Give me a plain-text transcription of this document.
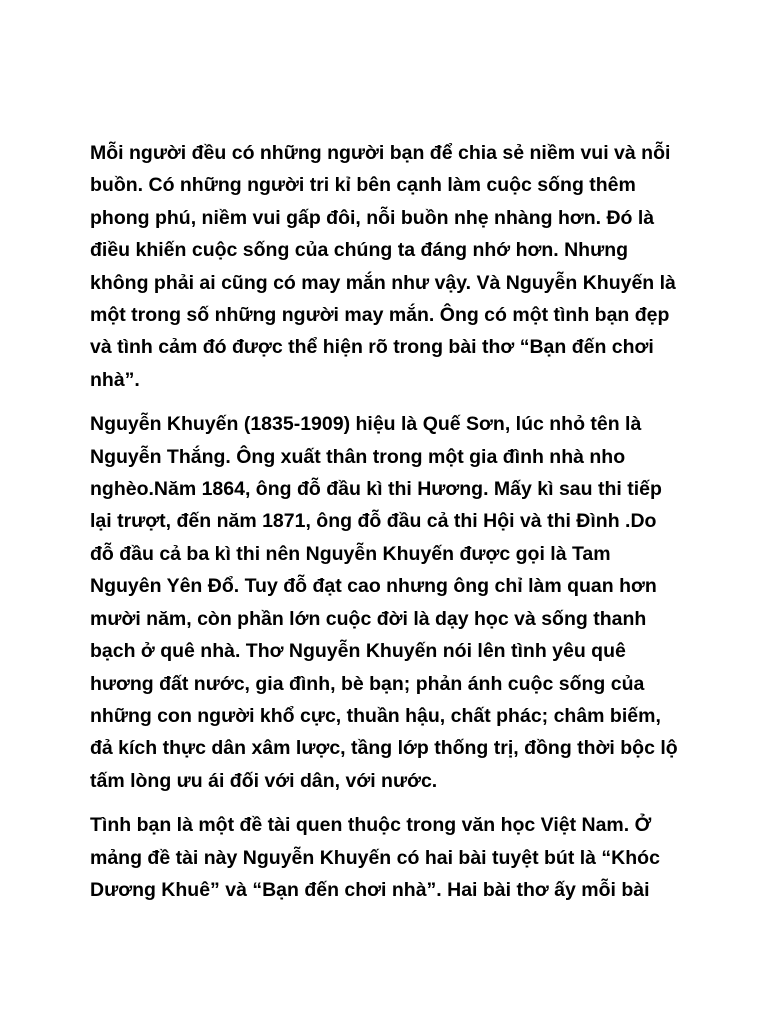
Mỗi người đều có những người bạn để chia sẻ niềm vui và nỗi buồn. Có những người tri kỉ bên cạnh làm cuộc sống thêm phong phú, niềm vui gấp đôi, nỗi buồn nhẹ nhàng hơn. Đó là điều khiến cuộc sống của chúng ta đáng nhớ hơn. Nhưng không phải ai cũng có may mắn như vậy. Và Nguyễn Khuyến là một trong số những người may mắn. Ông có một tình bạn đẹp và tình cảm đó được thể hiện rõ trong bài thơ “Bạn đến chơi nhà”.

Nguyễn Khuyến (1835-1909) hiệu là Quế Sơn, lúc nhỏ tên là Nguyễn Thắng. Ông xuất thân trong một gia đình nhà nho nghèo.Năm 1864, ông đỗ đầu kì thi Hương. Mấy kì sau thi tiếp lại trượt, đến năm 1871, ông đỗ đầu cả thi Hội và thi Đình .Do đỗ đầu cả ba kì thi nên Nguyễn Khuyến được gọi là Tam Nguyên Yên Đổ. Tuy đỗ đạt cao nhưng ông chỉ làm quan hơn mười năm, còn phần lớn cuộc đời là dạy học và sống thanh bạch ở quê nhà. Thơ Nguyễn Khuyến nói lên tình yêu quê hương đất nước, gia đình, bè bạn; phản ánh cuộc sống của những con người khổ cực, thuần hậu, chất phác; châm biếm, đả kích thực dân xâm lược, tầng lớp thống trị, đồng thời bộc lộ tấm lòng ưu ái đối với dân, với nước.

Tình bạn là một đề tài quen thuộc trong văn học Việt Nam. Ở mảng đề tài này Nguyễn Khuyến có hai bài tuyệt bút là “Khóc Dương Khuê” và “Bạn đến chơi nhà”. Hai bài thơ ấy mỗi bài
